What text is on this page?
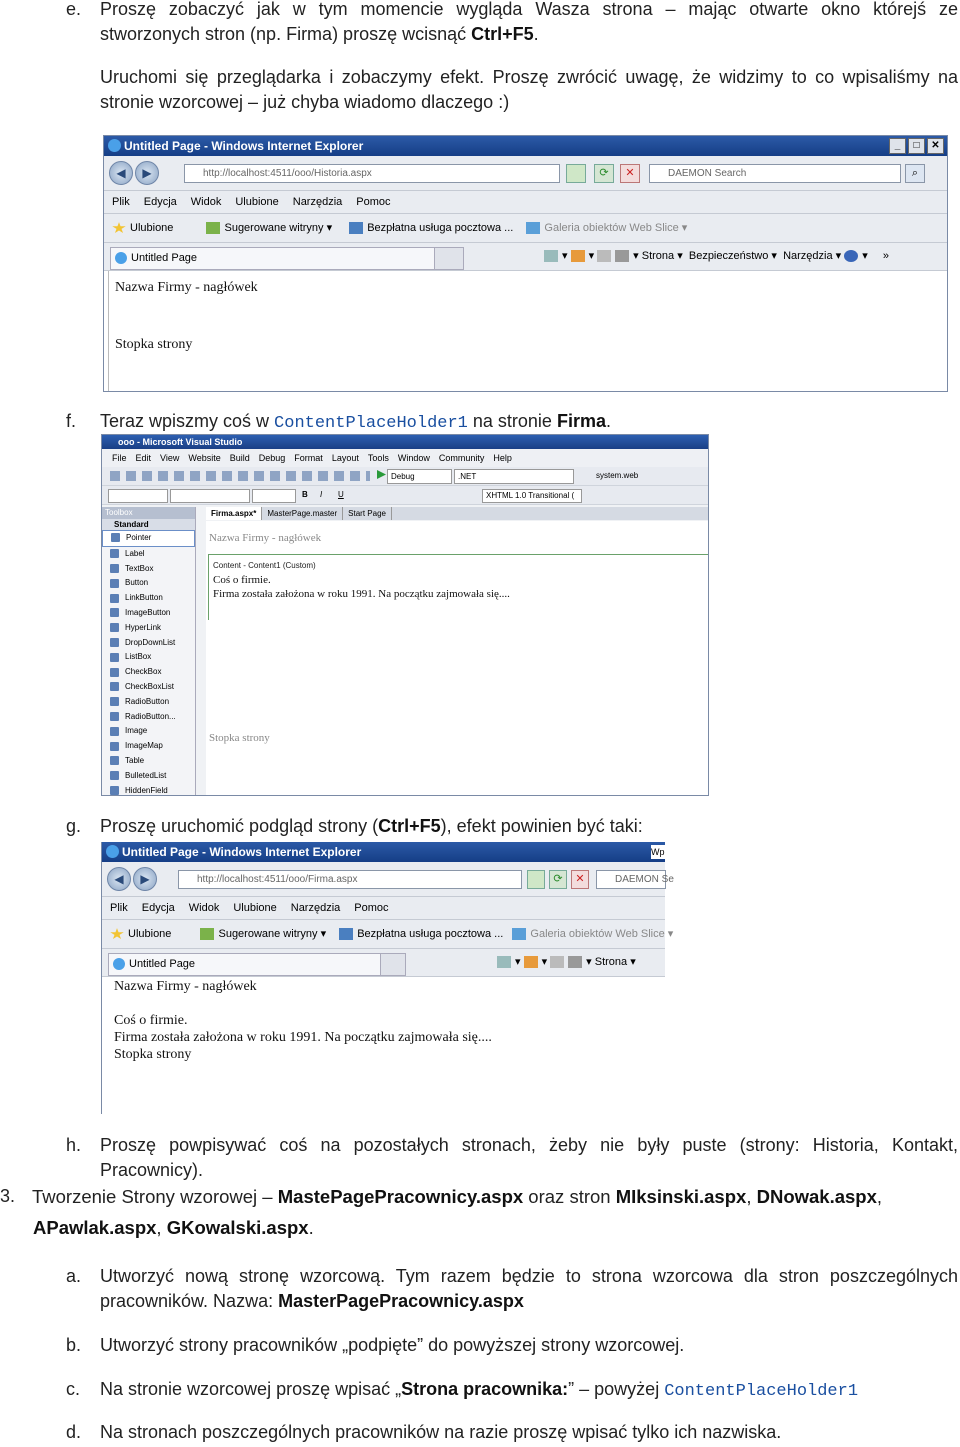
e.	Proszę zobaczyć jak w tym momencie wygląda Wasza strona – mając otwarte okno którejś ze
stworzonych stron (np. Firma) proszę wcisnąć Ctrl+F5.
Uruchomi się przeglądarka i zobaczymy efekt. Proszę zwrócić uwagę, że widzimy to co wpisaliśmy na
stronie wzorcowej – już chyba wiadomo dlaczego :)
Untitled Page - Windows Internet Explorer	_	□	✕
◀	▶	http://localhost:4511/ooo/Historia.aspx	⟳	✕	DAEMON Search	⌕
Plik Edycja Widok Ulubione Narzędzia Pomoc
Ulubione	Sugerowane witryny ▾	Bezpłatna usługa pocztowa ...	Galeria obiektów Web Slice ▾
Untitled Page	▾ ▾	▾ Strona ▾ Bezpieczeństwo ▾ Narzędzia ▾ ▾ »
Nazwa Firmy - nagłówek
Stopka strony
f.	Teraz wpiszmy coś w ContentPlaceHolder1 na stronie Firma.
ooo - Microsoft Visual Studio
File Edit View Website Build Debug Format Layout Tools Window Community Help
Debug	.NET	system.web
B I U	XHTML 1.0 Transitional (
Toolbox
Standard
Pointer
Label
TextBox
Button
LinkButton
ImageButton
HyperLink
DropDownList
ListBox
CheckBox
CheckBoxList
RadioButton
RadioButton...
Image
ImageMap
Table
BulletedList
HiddenField
Firma.aspx* MasterPage.master Start Page
Nazwa Firmy - nagłówek
Content - Content1 (Custom)
Coś o firmie.
Firma została założona w roku 1991. Na początku zajmowała się....
Stopka strony
g.	Proszę uruchomić podgląd strony (Ctrl+F5), efekt powinien być taki:
Untitled Page - Windows Internet Explorer	Wp
◀	▶	http://localhost:4511/ooo/Firma.aspx	⟳	✕	DAEMON Se
Plik Edycja Widok Ulubione Narzędzia Pomoc
Ulubione	Sugerowane witryny ▾	Bezpłatna usługa pocztowa ... Galeria obiektów Web Slice ▾
Untitled Page	▾ ▾	▾ Strona ▾
Nazwa Firmy - nagłówek
Coś o firmie.
Firma została założona w roku 1991. Na początku zajmowała się....
Stopka strony
h.	Proszę powpisywać coś na pozostałych stronach, żeby nie były puste (strony: Historia, Kontakt,
Pracownicy).
3. Tworzenie Strony wzorowej – MastePagePracownicy.aspx oraz stron MIksinski.aspx, DNowak.aspx,
APawlak.aspx, GKowalski.aspx.
a.	Utworzyć nową stronę wzorcową. Tym razem będzie to strona wzorcowa dla stron poszczególnych
pracowników. Nazwa: MasterPagePracownicy.aspx
b.	Utworzyć strony pracowników „podpięte” do powyższej strony wzorcowej.
c.	Na stronie wzorcowej proszę wpisać „Strona pracownika:” – powyżej ContentPlaceHolder1
d.	Na stronach poszczególnych pracowników na razie proszę wpisać tylko ich nazwiska.
